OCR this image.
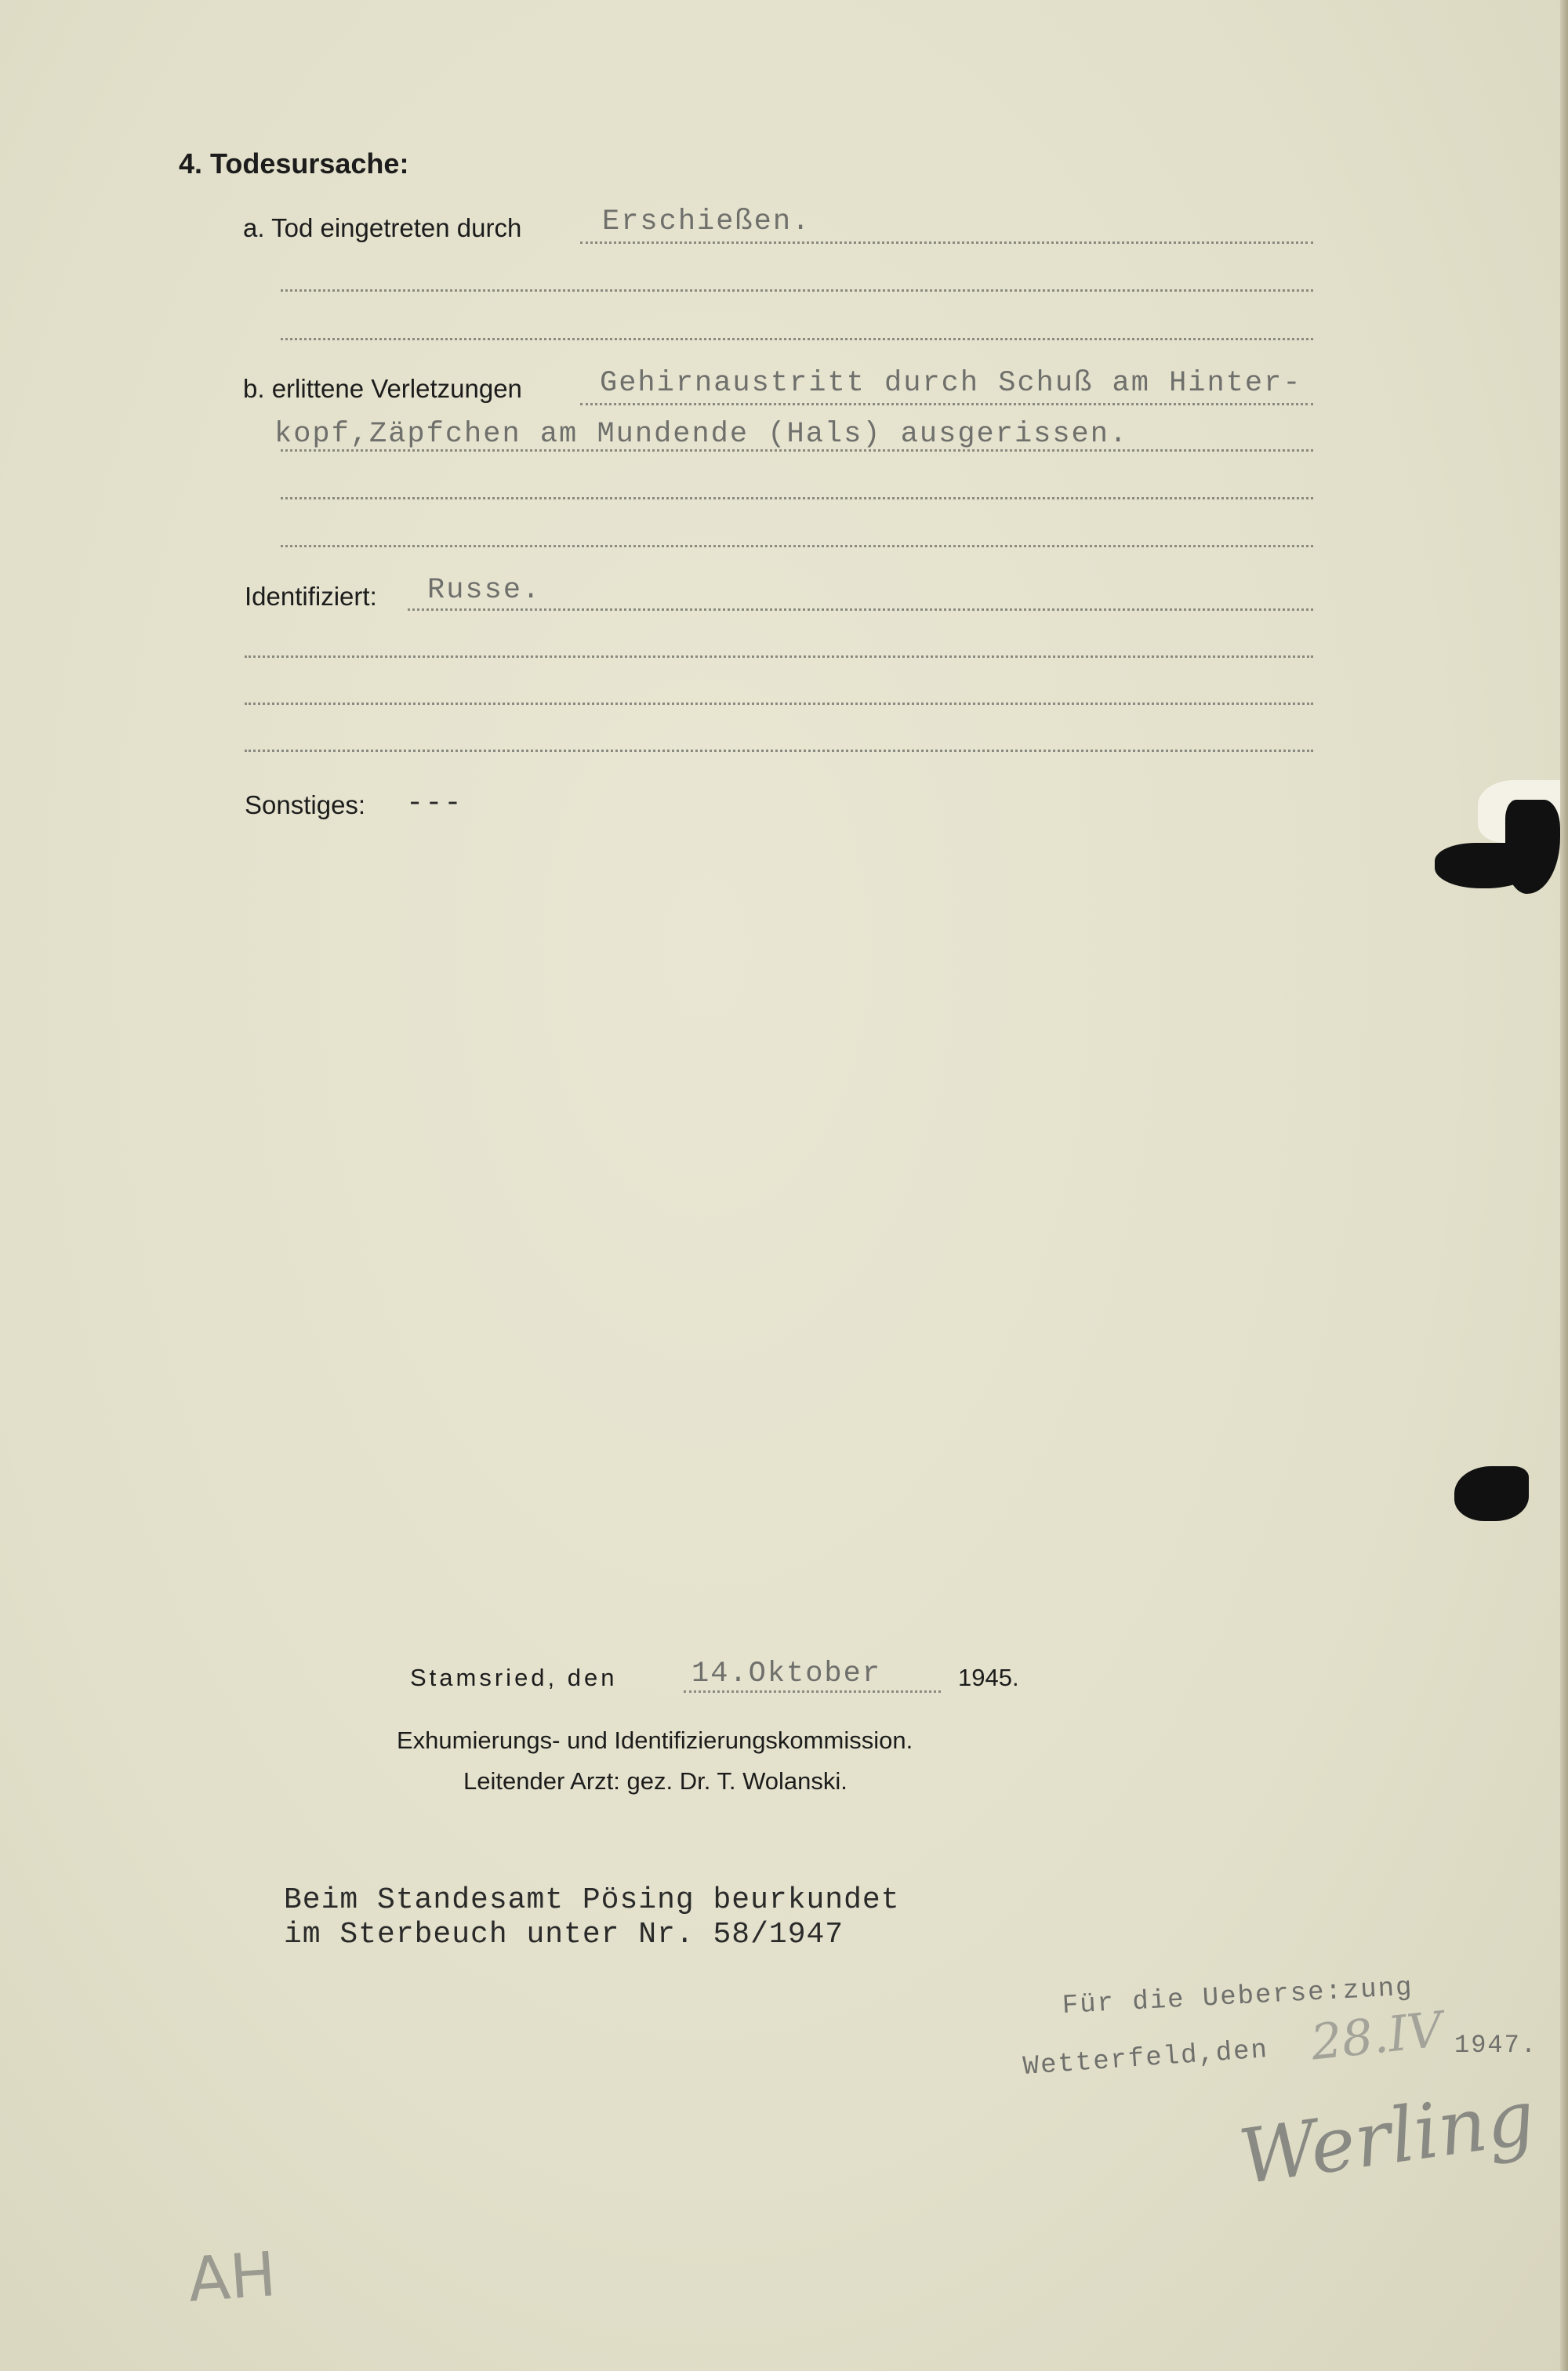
4. Todesursache:
a. Tod eingetreten durch	Erschießen.
b. erlittene Verletzungen	Gehirnaustritt durch Schuß am Hinter-
kopf,Zäpfchen am Mundende (Hals) ausgerissen.
Identifiziert: Russe.
Sonstiges: ---
Stamsried, den	14.Oktober	1945.
Exhumierungs- und Identifizierungskommission.
Leitender Arzt: gez. Dr. T. Wolanski.
Beim Standesamt Pösing beurkundet
im Sterbeuch unter Nr. 58/1947
Für die Ueberse:zung
Wetterfeld,den 28.IV 1947.
Werling
AH
